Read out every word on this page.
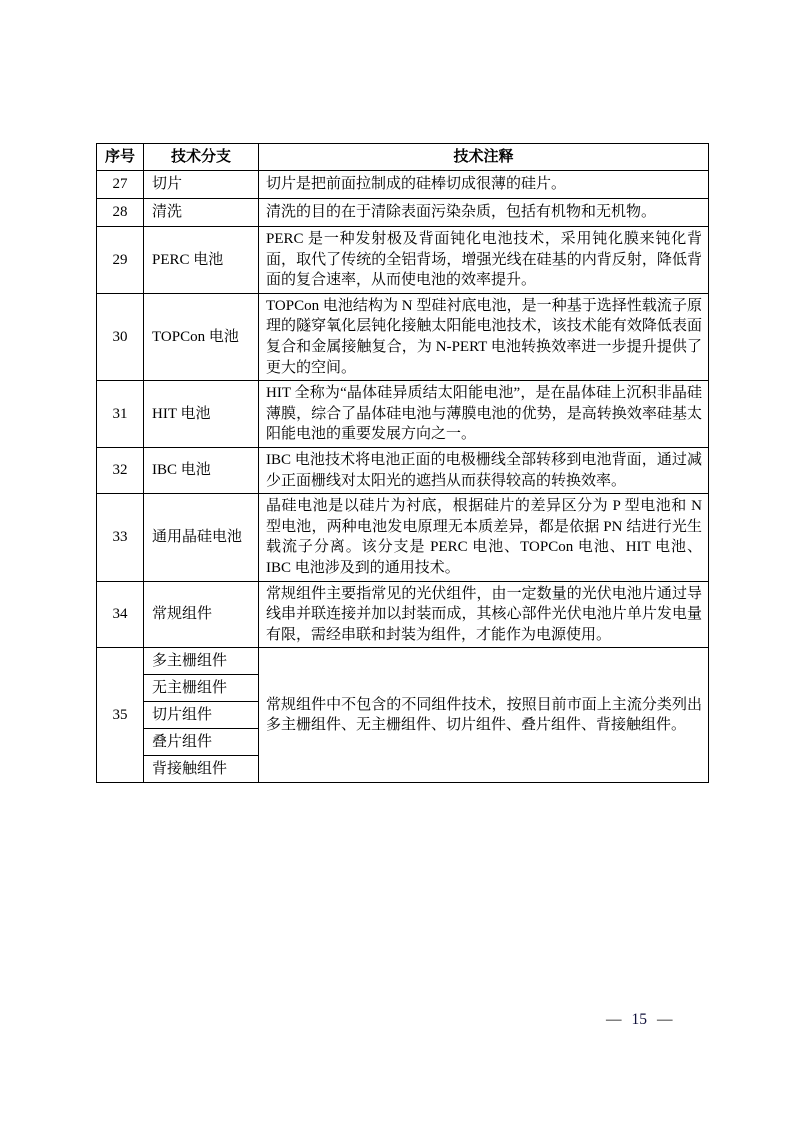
序号	技术分支	技术注释
27	切片	切片是把前面拉制成的硅棒切成很薄的硅片。
28	清洗	清洗的目的在于清除表面污染杂质，包括有机物和无机物。
29	PERC 电池	PERC 是一种发射极及背面钝化电池技术，采用钝化膜来钝化背面，取代了传统的全铝背场，增强光线在硅基的内背反射，降低背面的复合速率，从而使电池的效率提升。
30	TOPCon 电池	TOPCon 电池结构为 N 型硅衬底电池，是一种基于选择性载流子原理的隧穿氧化层钝化接触太阳能电池技术，该技术能有效降低表面复合和金属接触复合，为 N-PERT 电池转换效率进一步提升提供了更大的空间。
31	HIT 电池	HIT 全称为“晶体硅异质结太阳能电池”，是在晶体硅上沉积非晶硅薄膜，综合了晶体硅电池与薄膜电池的优势，是高转换效率硅基太阳能电池的重要发展方向之一。
32	IBC 电池	IBC 电池技术将电池正面的电极栅线全部转移到电池背面，通过减少正面栅线对太阳光的遮挡从而获得较高的转换效率。
33	通用晶硅电池	晶硅电池是以硅片为衬底，根据硅片的差异区分为 P 型电池和 N 型电池，两种电池发电原理无本质差异，都是依据 PN 结进行光生载流子分离。该分支是 PERC 电池、TOPCon 电池、HIT 电池、IBC 电池涉及到的通用技术。
34	常规组件	常规组件主要指常见的光伏组件，由一定数量的光伏电池片通过导线串并联连接并加以封装而成，其核心部件光伏电池片单片发电量有限，需经串联和封装为组件，才能作为电源使用。
35	多主栅组件	常规组件中不包含的不同组件技术，按照目前市面上主流分类列出多主栅组件、无主栅组件、切片组件、叠片组件、背接触组件。
	无主栅组件	
	切片组件	
	叠片组件	
	背接触组件	
— 15 —
